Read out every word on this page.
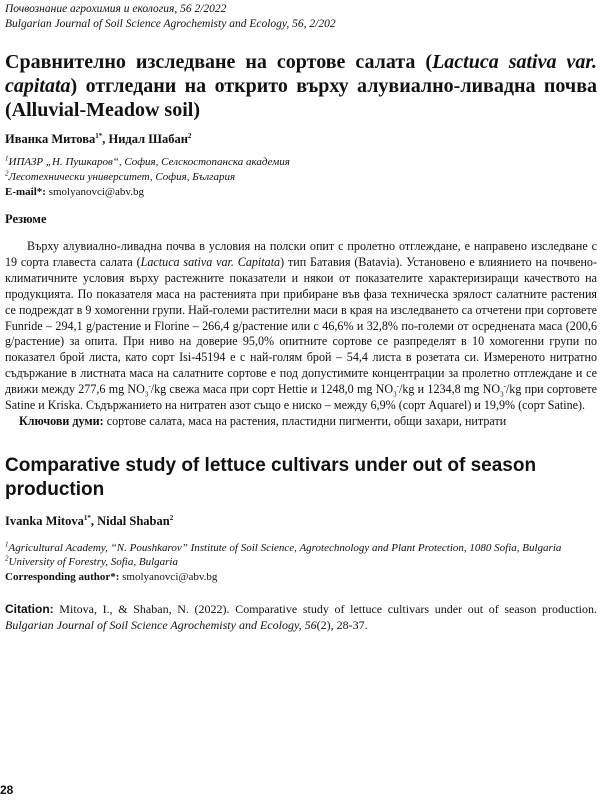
Почвознание агрохимия и екология, 56 2/2022
Bulgarian Journal of Soil Science Agrochemisty and Ecology, 56, 2/202
Сравнително изследване на сортове салата (Lactuca sativa var. capitata) отгледани на открито върху алувиално-ливадна почва (Alluvial-Meadow soil)
Иванка Митова$^{1*}$, Нидал Шабан$^2$
$^1$ИПАЗР „Н. Пушкаров“, София, Селскостопанска академия
$^2$Лесотехнически университет, София, България
E-mail*: smolyanovci@abv.bg
Резюме
Върху алувиално-ливадна почва в условия на полски опит с пролетно отглеждане, е направено изследване с 19 сорта главеста салата (Lactuca sativa var. Capitata) тип Батавия (Batavia). Установено е влиянието на почвено-климатичните условия върху растежните показатели и някои от показателите характеризиращи качеството на продукцията. По показателя маса на растенията при прибиране във фаза техническа зрялост салатните растения се подреждат в 9 хомогенни групи. Най-големи растителни маси в края на изследването са отчетени при сортовете Funride – 294,1 g/растение и Florine – 266,4 g/растение или с 46,6% и 32,8% по-големи от осреднената маса (200,6 g/растение) за опита. При ниво на доверие 95,0% опитните сортове се разпределят в 10 хомогенни групи по показател брой листа, като сорт Isi-45194 е с най-голям брой – 54,4 листа в розетата си. Измереното нитратно съдържание в листната маса на салатните сортове е под допустимите концентрации за пролетно отглеждане и се движи между 277,6 mg $NO_3^-/kg$ свежа маса при сорт Hettie и 1248,0 mg $NO_3^-/kg$ и 1234,8 mg $NO_3^-/kg$ при сортовете Satine и Kriska. Съдържанието на нитратен азот също е ниско – между 6,9% (сорт Aquarel) и 19,9% (сорт Satine).
Ключови думи: сортове салата, маса на растения, пластидни пигменти, общи захари, нитрати
Comparative study of lettuce cultivars under out of season production
Ivanka Mitova$^{1*}$, Nidal Shaban$^2$
$^1$Agricultural Academy, “N. Poushkarov” Institute of Soil Science, Agrotechnology and Plant Protection, 1080 Sofia, Bulgaria
$^2$University of Forestry, Sofia, Bulgaria
Corresponding author*: smolyanovci@abv.bg
Citation: Mitova, I., & Shaban, N. (2022). Comparative study of lettuce cultivars under out of season production. Bulgarian Journal of Soil Science Agrochemisty and Ecology, 56(2), 28-37.
28
